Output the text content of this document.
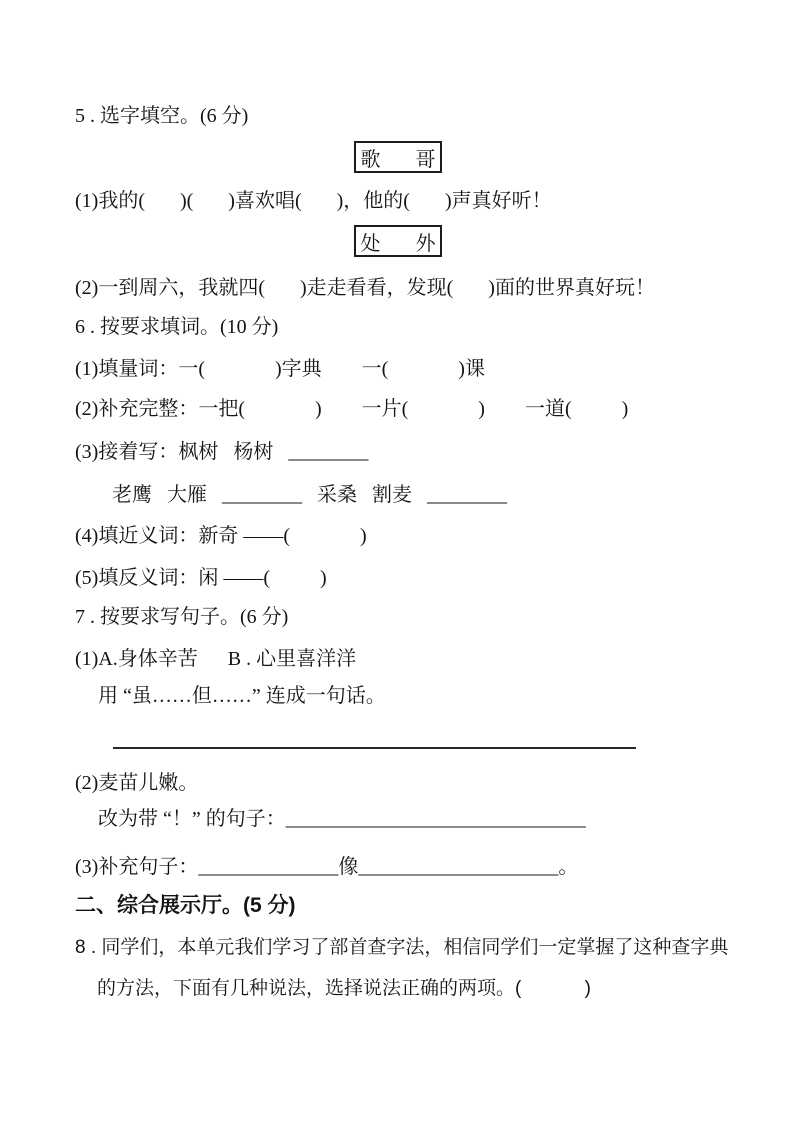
5 . 选字填空。(6 分)
歌       哥
(1)我的(       )(       )喜欢唱(       )，他的(       )声真好听！
处       外
(2)一到周六，我就四(       )走走看看，发现(       )面的世界真好玩！
6 . 按要求填词。(10 分)
(1)填量词：一(              )字典        一(              )课
(2)补充完整：一把(              )        一片(              )        一道(          )
(3)接着写：枫树   杨树   ________
老鹰   大雁   ________   采桑   割麦   ________
(4)填近义词：新奇 ——(              )
(5)填反义词：闲 ——(          )
7 . 按要求写句子。(6 分)
(1)A.身体辛苦      B . 心里喜洋洋
用 “虽……但……” 连成一句话。
(2)麦苗儿嫩。
改为带 “！” 的句子：______________________________
(3)补充句子：______________像____________________。
二、综合展示厅。(5 分)
8 . 同学们，本单元我们学习了部首查字法，相信同学们一定掌握了这种查字典
的方法，下面有几种说法，选择说法正确的两项。(            )
